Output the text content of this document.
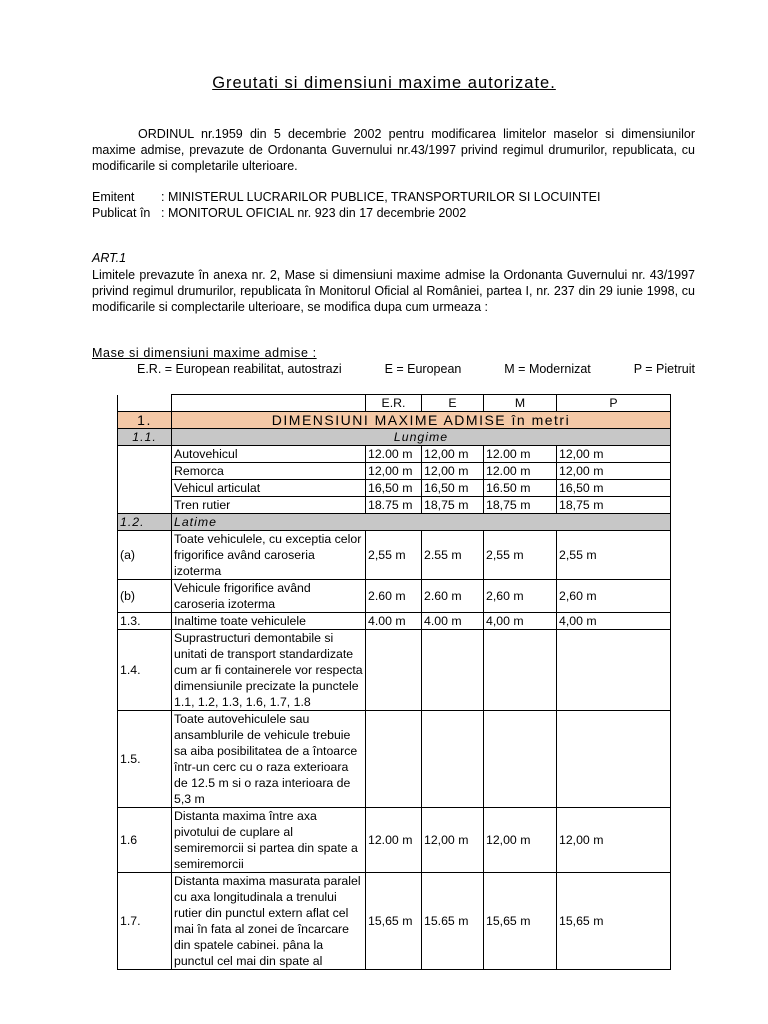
Greutati si dimensiuni maxime autorizate.
ORDINUL nr.1959 din 5 decembrie 2002 pentru modificarea limitelor maselor si dimensiunilor maxime admise, prevazute de Ordonanta Guvernului nr.43/1997 privind regimul drumurilor, republicata, cu modificarile si completarile ulterioare.
Emitent	: MINISTERUL LUCRARILOR PUBLICE, TRANSPORTURILOR SI LOCUINTEI
Publicat în : MONITORUL OFICIAL nr. 923 din 17 decembrie 2002
ART.1
Limitele prevazute în anexa nr. 2, Mase si dimensiuni maxime admise la Ordonanta Guvernului nr. 43/1997 privind regimul drumurilor, republicata în Monitorul Oficial al României, partea I, nr. 237 din 29 iunie 1998, cu modificarile si complectarile ulterioare, se modifica dupa cum urmeaza :
Mase si dimensiuni maxime admise :
E.R. = European reabilitat, autostrazi	E = European	M = Modernizat	P = Pietruit
		E.R.	E	M	P
1.	DIMENSIUNI MAXIME ADMISE în metri				
1.1.	Lungime				
	Autovehicul	12.00 m	12,00 m	12.00 m	12,00 m
	Remorca	12,00 m	12,00 m	12.00 m	12,00 m
	Vehicul articulat	16,50 m	16,50 m	16.50 m	16,50 m
	Tren rutier	18.75 m	18,75 m	18,75 m	18,75 m
1.2.	Latime				
(a)	Toate vehiculele, cu exceptia celor frigorifice având caroseria izoterma	2,55 m	2.55 m	2,55 m	2,55 m
(b)	Vehicule frigorifice având caroseria izoterma	2.60 m	2.60 m	2,60 m	2,60 m
1.3.	Inaltime toate vehiculele	4.00 m	4.00 m	4,00 m	4,00 m
1.4.	Suprastructuri demontabile si unitati de transport standardizate cum ar fi containerele vor respecta dimensiunile precizate la punctele 1.1, 1.2, 1.3, 1.6, 1.7, 1.8				
1.5.	Toate autovehiculele sau ansamblurile de vehicule trebuie sa aiba posibilitatea de a întoarce într-un cerc cu o raza exterioara de 12.5 m si o raza interioara de 5,3 m				
1.6	Distanta maxima între axa pivotului de cuplare al semiremorcii si partea din spate a semiremorcii	12.00 m	12,00 m	12,00 m	12,00 m
1.7.	Distanta maxima masurata paralel cu axa longitudinala a trenului rutier din punctul extern aflat cel mai în fata al zonei de încarcare din spatele cabinei. pâna la punctul cel mai din spate al	15,65 m	15.65 m	15,65 m	15,65 m
